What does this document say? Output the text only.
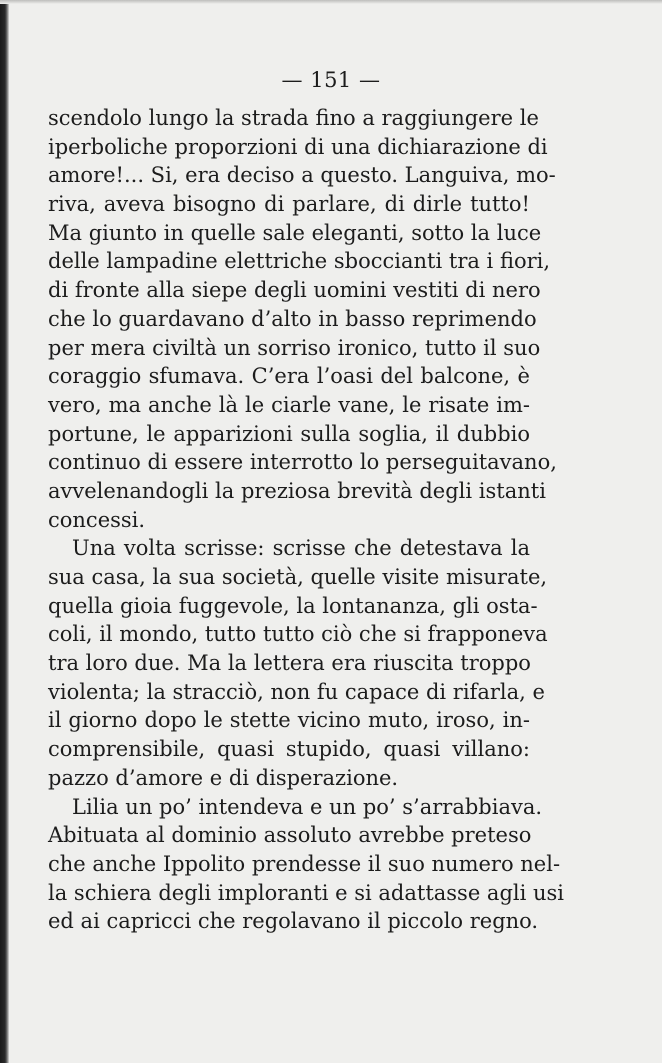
— 151 —
scendolo lungo la strada fino a raggiungere le
iperboliche proporzioni di una dichiarazione di
amore!... Si, era deciso a questo. Languiva, mo-
riva, aveva bisogno di parlare, di dirle tutto!
Ma giunto in quelle sale eleganti, sotto la luce
delle lampadine elettriche sboccianti tra i fiori,
di fronte alla siepe degli uomini vestiti di nero
che lo guardavano d’alto in basso reprimendo
per mera civiltà un sorriso ironico, tutto il suo
coraggio sfumava. C’era l’oasi del balcone, è
vero, ma anche là le ciarle vane, le risate im-
portune, le apparizioni sulla soglia, il dubbio
continuo di essere interrotto lo perseguitavano,
avvelenandogli la preziosa brevità degli istanti
concessi.
Una volta scrisse: scrisse che detestava la
sua casa, la sua società, quelle visite misurate,
quella gioia fuggevole, la lontananza, gli osta-
coli, il mondo, tutto tutto ciò che si frapponeva
tra loro due. Ma la lettera era riuscita troppo
violenta; la stracciò, non fu capace di rifarla, e
il giorno dopo le stette vicino muto, iroso, in-
comprensibile, quasi stupido, quasi villano:
pazzo d’amore e di disperazione.
Lilia un po’ intendeva e un po’ s’arrabbiava.
Abituata al dominio assoluto avrebbe preteso
che anche Ippolito prendesse il suo numero nel-
la schiera degli imploranti e si adattasse agli usi
ed ai capricci che regolavano il piccolo regno.
